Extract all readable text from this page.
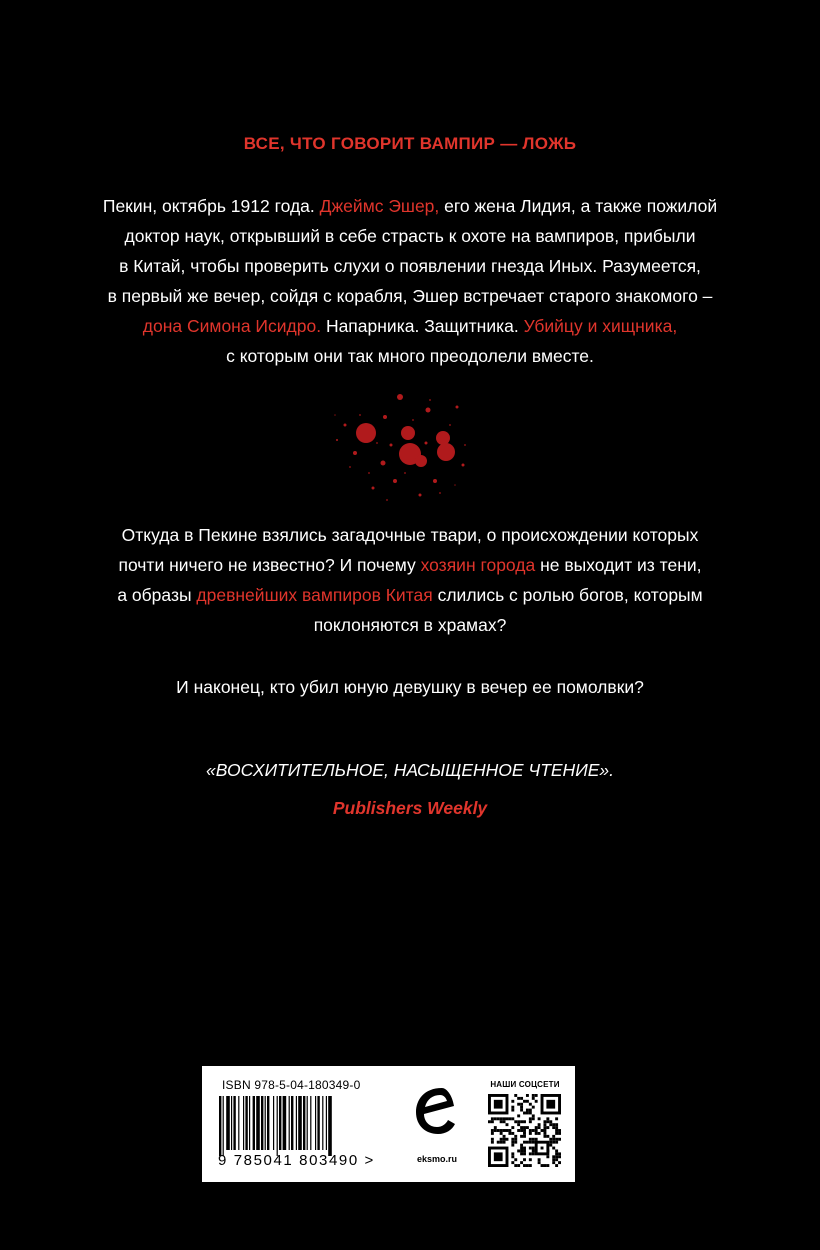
ВСЕ, ЧТО ГОВОРИТ ВАМПИР — ЛОЖЬ
Пекин, октябрь 1912 года. Джеймс Эшер, его жена Лидия, а также пожилой
доктор наук, открывший в себе страсть к охоте на вампиров, прибыли
в Китай, чтобы проверить слухи о появлении гнезда Иных. Разумеется,
в первый же вечер, сойдя с корабля, Эшер встречает старого знакомого –
дона Симона Исидро. Напарника. Защитника. Убийцу и хищника,
с которым они так много преодолели вместе.
Откуда в Пекине взялись загадочные твари, о происхождении которых
почти ничего не известно? И почему хозяин города не выходит из тени,
а образы древнейших вампиров Китая слились с ролью богов, которым
поклоняются в храмах?
И наконец, кто убил юную девушку в вечер ее помолвки?
«ВОСХИТИТЕЛЬНОЕ, НАСЫЩЕННОЕ ЧТЕНИЕ».
Publishers Weekly
ISBN 978-5-04-180349-0
9 785041 803490 >	eksmo.ru
НАШИ СОЦСЕТИ
